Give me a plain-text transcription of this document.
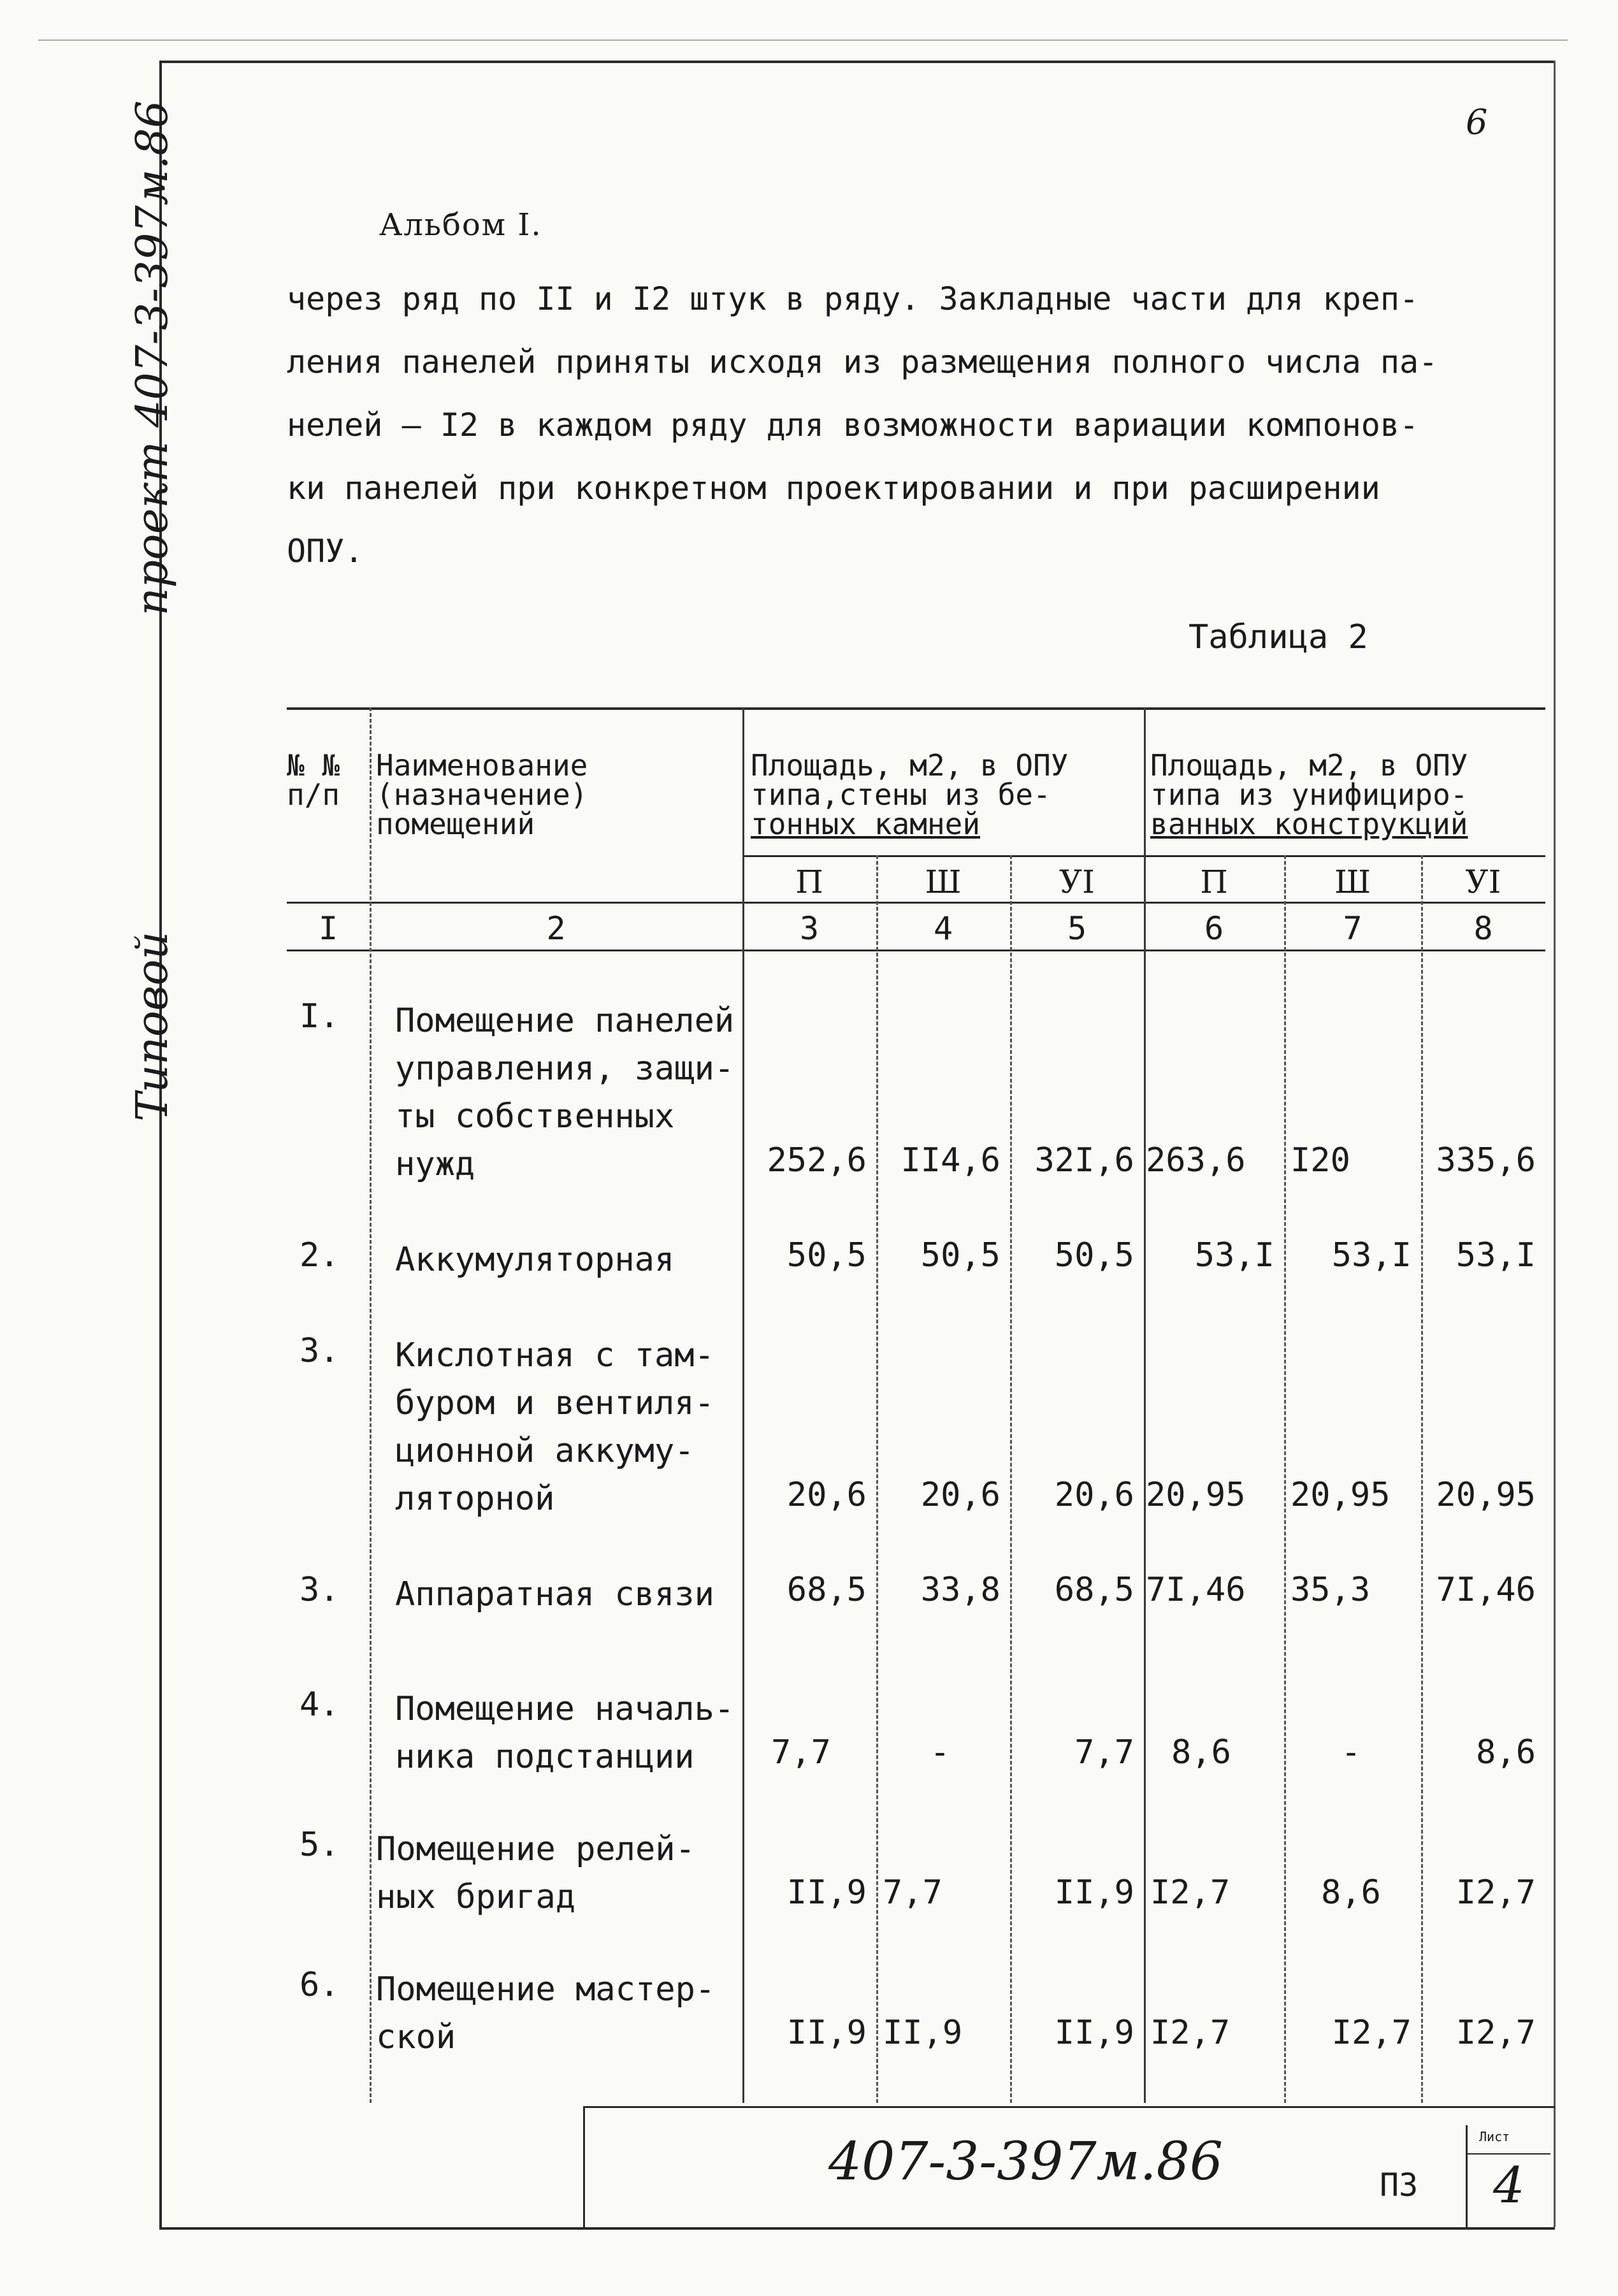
Типовой
проект 407-3-397м.86	6
Альбом I.
через ряд по II и I2 штук в ряду. Закладные части для креп-
ления панелей приняты исходя из размещения полного числа па-
нелей – I2 в каждом ряду для возможности вариации компонов-
ки панелей при конкретном проектировании и при расширении
ОПУ.
Таблица 2
№ №
п/п
Наименование
(назначение)
помещений
Площадь, м2, в ОПУ
типа,стены из бе-
тонных камней
Площадь, м2, в ОПУ
типа из унифициро-
ванных конструкций
П	Ш	УI	П	Ш	УI
I	2	3	4	5	6	7	8
I. Помещение панелей
управления, защи-
ты собственных
нужд	252,6	II4,6	32I,6 263,6	I20	335,6
2. Аккумуляторная	50,5	50,5	50,5	53,I	53,I	53,I
3. Кислотная с там-
буром и вентиля-
ционной аккуму-
ляторной	20,6	20,6	20,6 20,95	20,95	20,95
3. Аппаратная связи	68,5	33,8	68,5 7I,46	35,3	7I,46
4. Помещение началь-
ника подстанции	7,7	-	7,7	8,6	-	8,6
5. Помещение релей-
ных бригад	II,9 7,7	II,9 I2,7	8,6	I2,7
6. Помещение мастер-
ской	II,9 II,9	II,9 I2,7	I2,7	I2,7
407-3-397м.86	ПЗ
Лист
4
